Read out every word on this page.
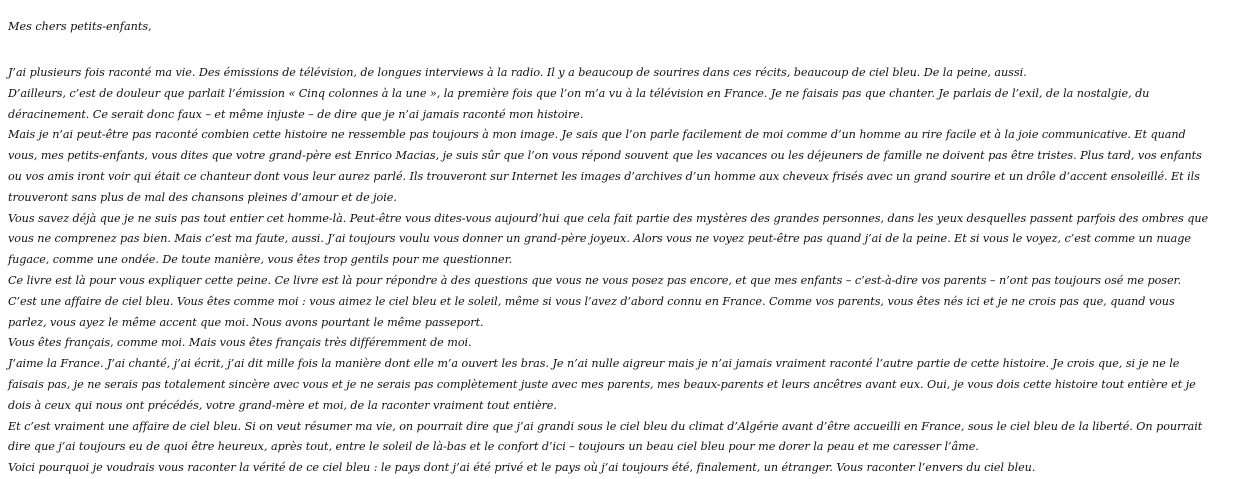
Mes chers petits-enfants,

J’ai plusieurs fois raconté ma vie. Des émissions de télévision, de longues interviews à la radio. Il y a beaucoup de sourires dans ces récits, beaucoup de ciel bleu. De la peine, aussi.

D’ailleurs, c’est de douleur que parlait l’émission « Cinq colonnes à la une », la première fois que l’on m’a vu à la télévision en France. Je ne faisais pas que chanter. Je parlais de l’exil, de la nostalgie, du déracinement. Ce serait donc faux – et même injuste – de dire que je n’ai jamais raconté mon histoire.

Mais je n’ai peut-être pas raconté combien cette histoire ne ressemble pas toujours à mon image. Je sais que l’on parle facilement de moi comme d’un homme au rire facile et à la joie communicative. Et quand vous, mes petits-enfants, vous dites que votre grand-père est Enrico Macias, je suis sûr que l’on vous répond souvent que les vacances ou les déjeuners de famille ne doivent pas être tristes. Plus tard, vos enfants ou vos amis iront voir qui était ce chanteur dont vous leur aurez parlé. Ils trouveront sur Internet les images d’archives d’un homme aux cheveux frisés avec un grand sourire et un drôle d’accent ensoleillé. Et ils trouveront sans plus de mal des chansons pleines d’amour et de joie.

Vous savez déjà que je ne suis pas tout entier cet homme-là. Peut-être vous dites-vous aujourd’hui que cela fait partie des mystères des grandes personnes, dans les yeux desquelles passent parfois des ombres que vous ne comprenez pas bien. Mais c’est ma faute, aussi. J’ai toujours voulu vous donner un grand-père joyeux. Alors vous ne voyez peut-être pas quand j’ai de la peine. Et si vous le voyez, c’est comme un nuage fugace, comme une ondée. De toute manière, vous êtes trop gentils pour me questionner.

Ce livre est là pour vous expliquer cette peine. Ce livre est là pour répondre à des questions que vous ne vous posez pas encore, et que mes enfants – c’est-à-dire vos parents – n’ont pas toujours osé me poser.

C’est une affaire de ciel bleu. Vous êtes comme moi : vous aimez le ciel bleu et le soleil, même si vous l’avez d’abord connu en France. Comme vos parents, vous êtes nés ici et je ne crois pas que, quand vous parlez, vous ayez le même accent que moi. Nous avons pourtant le même passeport.

Vous êtes français, comme moi. Mais vous êtes français très différemment de moi.

J’aime la France. J’ai chanté, j’ai écrit, j’ai dit mille fois la manière dont elle m’a ouvert les bras. Je n’ai nulle aigreur mais je n’ai jamais vraiment raconté l’autre partie de cette histoire. Je crois que, si je ne le faisais pas, je ne serais pas totalement sincère avec vous et je ne serais pas complètement juste avec mes parents, mes beaux-parents et leurs ancêtres avant eux. Oui, je vous dois cette histoire tout entière et je dois à ceux qui nous ont précédés, votre grand-mère et moi, de la raconter vraiment tout entière.

Et c’est vraiment une affaire de ciel bleu. Si on veut résumer ma vie, on pourrait dire que j’ai grandi sous le ciel bleu du climat d’Algérie avant d’être accueilli en France, sous le ciel bleu de la liberté. On pourrait dire que j’ai toujours eu de quoi être heureux, après tout, entre le soleil de là-bas et le confort d’ici – toujours un beau ciel bleu pour me dorer la peau et me caresser l’âme.

Voici pourquoi je voudrais vous raconter la vérité de ce ciel bleu : le pays dont j’ai été privé et le pays où j’ai toujours été, finalement, un étranger. Vous raconter l’envers du ciel bleu.
